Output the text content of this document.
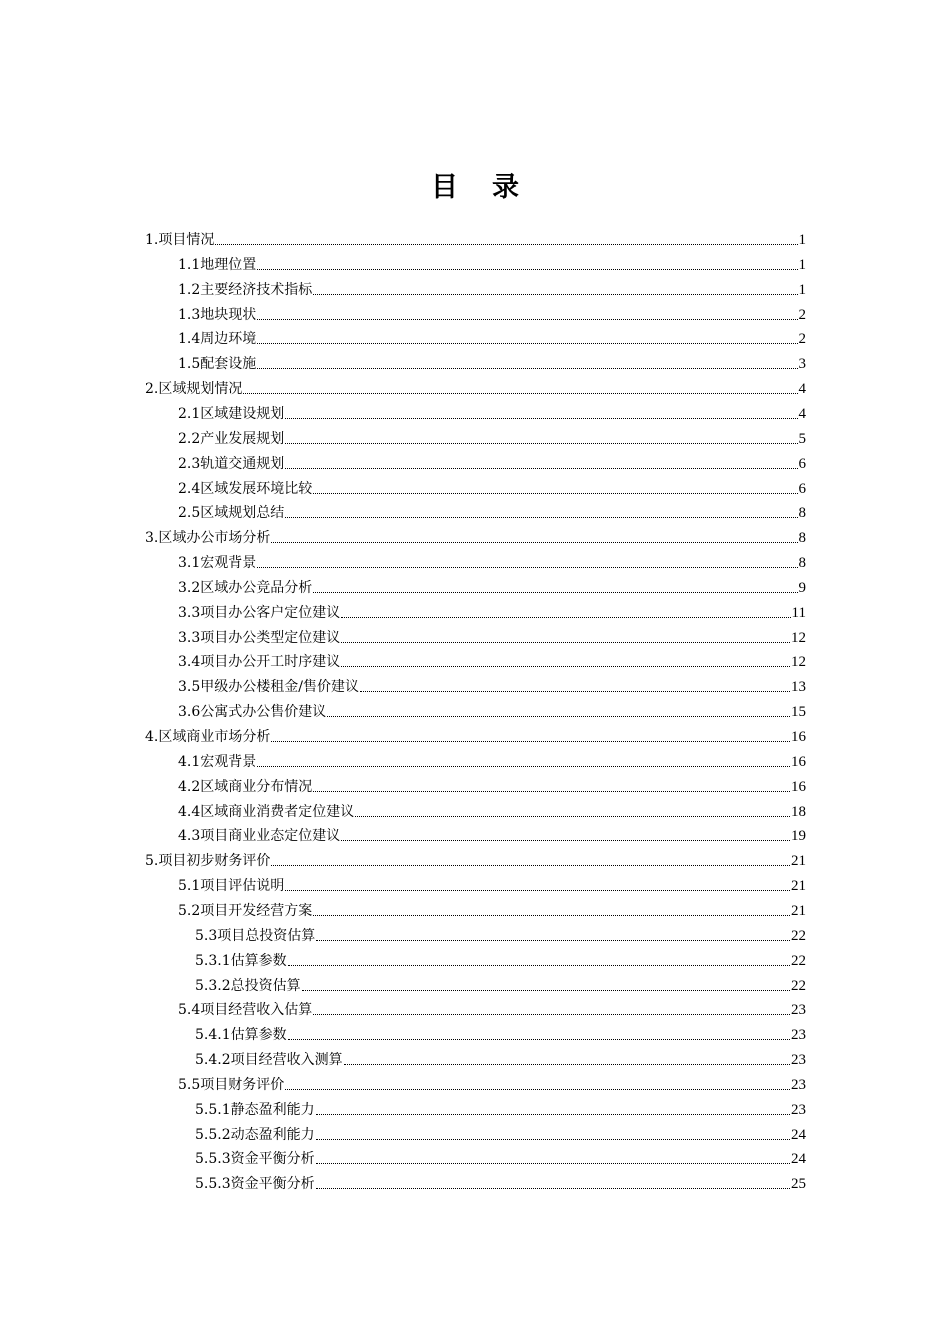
目 录
1.项目情况	1
1.1地理位置	1
1.2主要经济技术指标	1
1.3地块现状	2
1.4周边环境	2
1.5配套设施	3
2.区域规划情况	4
2.1区域建设规划	4
2.2产业发展规划	5
2.3轨道交通规划	6
2.4区域发展环境比较	6
2.5区域规划总结	8
3.区域办公市场分析	8
3.1宏观背景	8
3.2区域办公竞品分析	9
3.3项目办公客户定位建议	11
3.3项目办公类型定位建议	12
3.4项目办公开工时序建议	12
3.5甲级办公楼租金/售价建议	13
3.6公寓式办公售价建议	15
4.区域商业市场分析	16
4.1宏观背景	16
4.2区域商业分布情况	16
4.4区域商业消费者定位建议	18
4.3项目商业业态定位建议	19
5.项目初步财务评价	21
5.1项目评估说明	21
5.2项目开发经营方案	21
5.3项目总投资估算	22
5.3.1估算参数	22
5.3.2总投资估算	22
5.4项目经营收入估算	23
5.4.1估算参数	23
5.4.2项目经营收入测算	23
5.5项目财务评价	23
5.5.1静态盈利能力	23
5.5.2动态盈利能力	24
5.5.3资金平衡分析	24
5.5.3资金平衡分析	25
